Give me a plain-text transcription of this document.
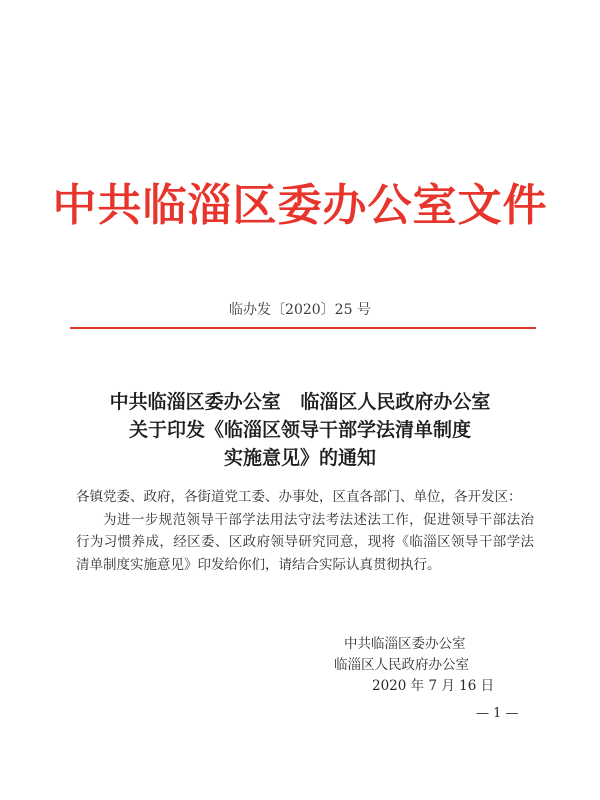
中共临淄区委办公室文件
临办发〔2020〕25 号
中共临淄区委办公室   临淄区人民政府办公室
关于印发《临淄区领导干部学法清单制度
实施意见》的通知

各镇党委、政府，各街道党工委、办事处，区直各部门、单位，各开发区：

为进一步规范领导干部学法用法守法考法述法工作，促进领导干部法治行为习惯养成，经区委、区政府领导研究同意，现将《临淄区领导干部学法清单制度实施意见》印发给你们，请结合实际认真贯彻执行。

中共临淄区委办公室
临淄区人民政府办公室
2020 年 7 月 16 日
— 1 —
